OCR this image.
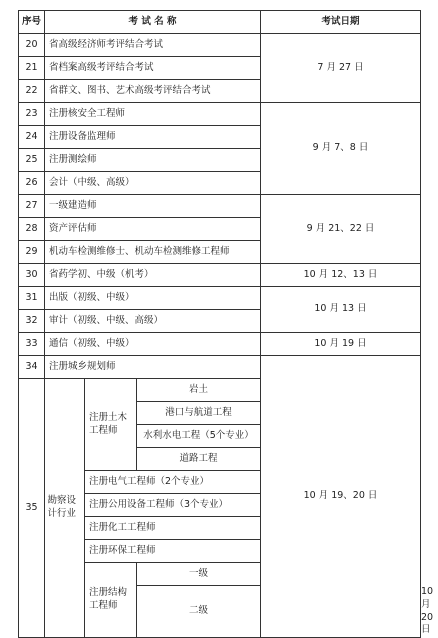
序号	考 试 名 称			考试日期	
20	省高级经济师考评结合考试			7 月 27 日	
21	省档案高级考评结合考试				
22	省群文、图书、艺术高级考评结合考试				
23	注册核安全工程师			9 月 7、8 日	
24	注册设备监理师				
25	注册测绘师				
26	会计（中级、高级）				
27	一级建造师			9 月 21、22 日	
28	资产评估师				
29	机动车检测维修士、机动车检测维修工程师				
30	省药学初、中级（机考）			10 月 12、13 日	
31	出版（初级、中级）			10 月 13 日	
32	审计（初级、中级、高级）				
33	通信（初级、中级）			10 月 19 日	
34	注册城乡规划师			10 月 19、20 日	
35	勘察设计行业	注册土木工程师	岩土		
			港口与航道工程		
			水利水电工程（5个专业）		
			道路工程		
		注册电气工程师（2个专业）			
		注册公用设备工程师（3个专业）			
		注册化工工程师			
		注册环保工程师			
		注册结构工程师	一级		
			二级		10 月 20 日
